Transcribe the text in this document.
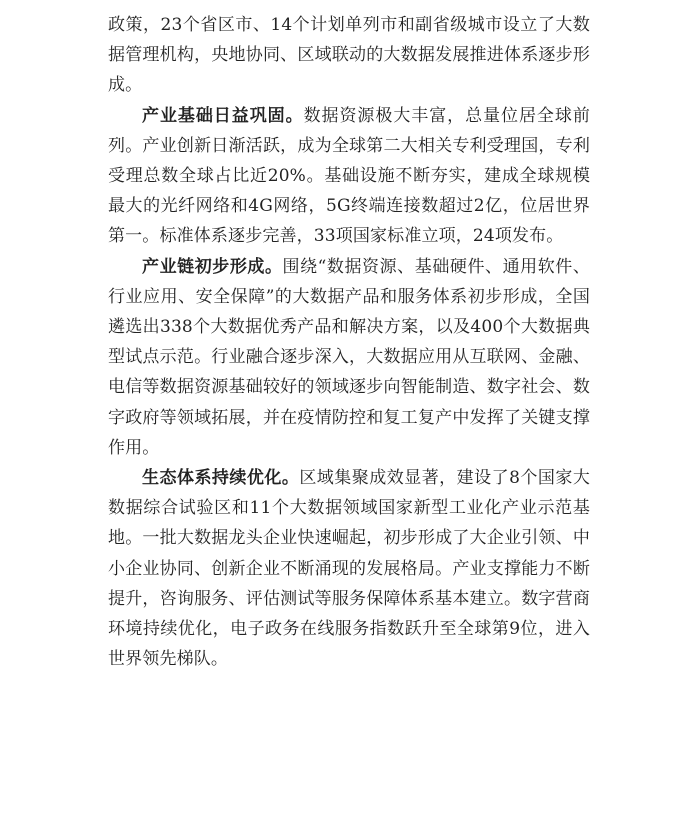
政策，23个省区市、14个计划单列市和副省级城市设立了大数据管理机构，央地协同、区域联动的大数据发展推进体系逐步形成。

产业基础日益巩固。数据资源极大丰富，总量位居全球前列。产业创新日渐活跃，成为全球第二大相关专利受理国，专利受理总数全球占比近20%。基础设施不断夯实，建成全球规模最大的光纤网络和4G网络，5G终端连接数超过2亿，位居世界第一。标准体系逐步完善，33项国家标准立项，24项发布。

产业链初步形成。围绕“数据资源、基础硬件、通用软件、行业应用、安全保障”的大数据产品和服务体系初步形成，全国遴选出338个大数据优秀产品和解决方案，以及400个大数据典型试点示范。行业融合逐步深入，大数据应用从互联网、金融、电信等数据资源基础较好的领域逐步向智能制造、数字社会、数字政府等领域拓展，并在疫情防控和复工复产中发挥了关键支撑作用。

生态体系持续优化。区域集聚成效显著，建设了8个国家大数据综合试验区和11个大数据领域国家新型工业化产业示范基地。一批大数据龙头企业快速崛起，初步形成了大企业引领、中小企业协同、创新企业不断涌现的发展格局。产业支撑能力不断提升，咨询服务、评估测试等服务保障体系基本建立。数字营商环境持续优化，电子政务在线服务指数跃升至全球第9位，进入世界领先梯队。
